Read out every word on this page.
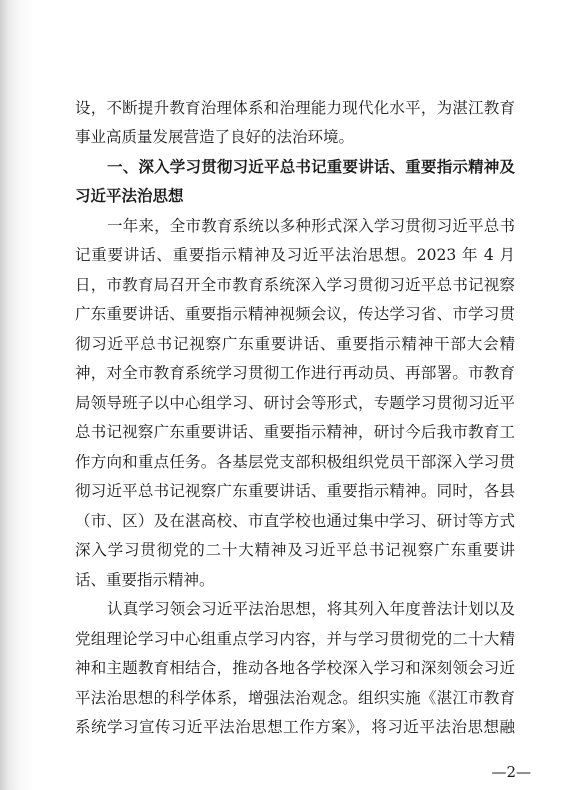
设，不断提升教育治理体系和治理能力现代化水平，为湛江教育
事业高质量发展营造了良好的法治环境。
一、深入学习贯彻习近平总书记重要讲话、重要指示精神及
习近平法治思想
一年来，全市教育系统以多种形式深入学习贯彻习近平总书
记重要讲话、重要指示精神及习近平法治思想。2023 年 4 月
日，市教育局召开全市教育系统深入学习贯彻习近平总书记视察
广东重要讲话、重要指示精神视频会议，传达学习省、市学习贯
彻习近平总书记视察广东重要讲话、重要指示精神干部大会精
神，对全市教育系统学习贯彻工作进行再动员、再部署。市教育
局领导班子以中心组学习、研讨会等形式，专题学习贯彻习近平
总书记视察广东重要讲话、重要指示精神，研讨今后我市教育工
作方向和重点任务。各基层党支部积极组织党员干部深入学习贯
彻习近平总书记视察广东重要讲话、重要指示精神。同时，各县
（市、区）及在湛高校、市直学校也通过集中学习、研讨等方式
深入学习贯彻党的二十大精神及习近平总书记视察广东重要讲
话、重要指示精神。
认真学习领会习近平法治思想，将其列入年度普法计划以及
党组理论学习中心组重点学习内容，并与学习贯彻党的二十大精
神和主题教育相结合，推动各地各学校深入学习和深刻领会习近
平法治思想的科学体系，增强法治观念。组织实施《湛江市教育
系统学习宣传习近平法治思想工作方案》，将习近平法治思想融
—2—
